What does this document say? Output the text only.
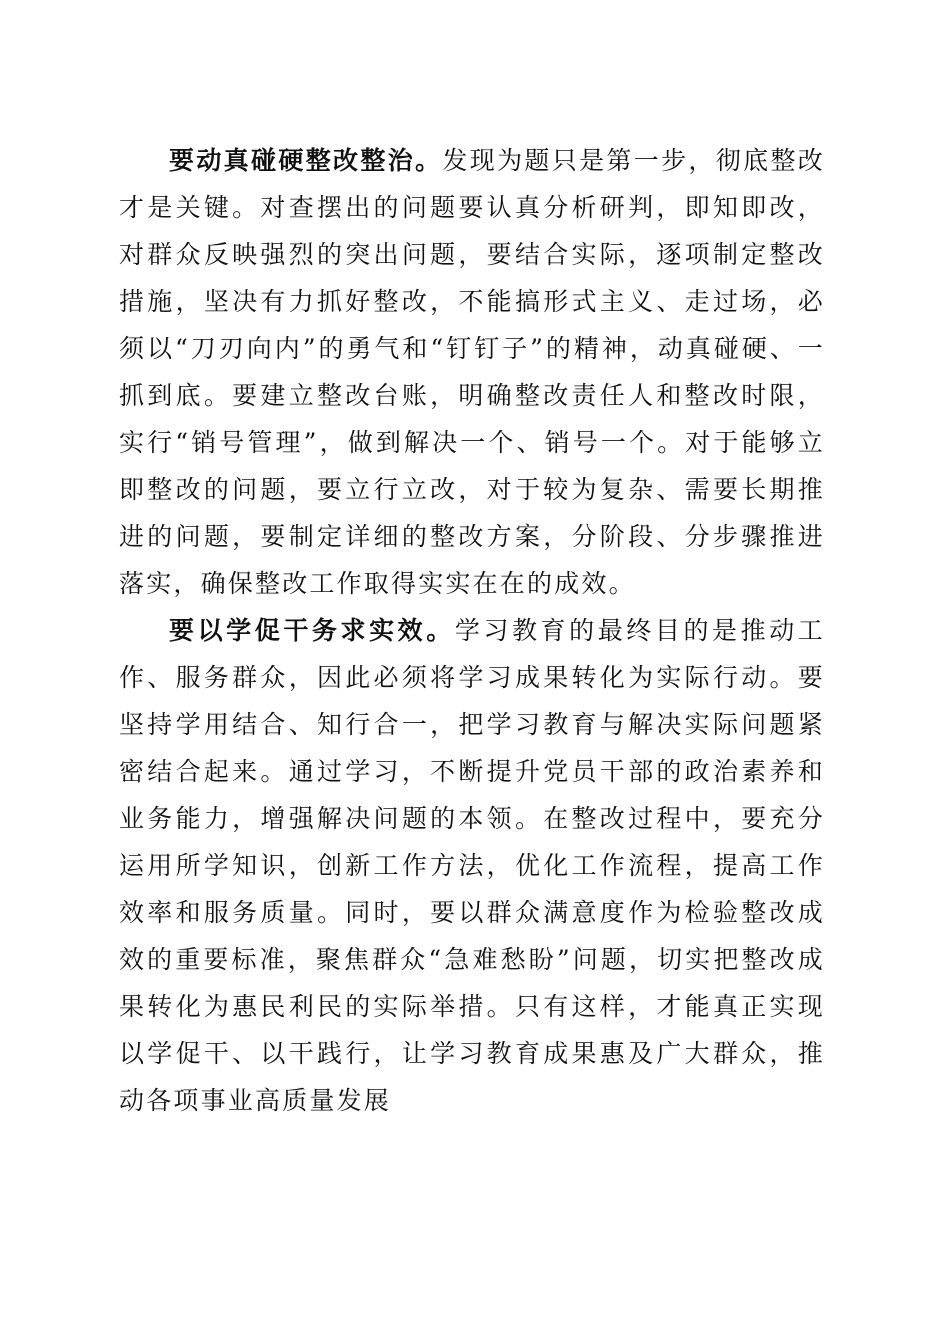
要动真碰硬整改整治。发现为题只是第一步，彻底整改才是关键。对查摆出的问题要认真分析研判，即知即改，对群众反映强烈的突出问题，要结合实际，逐项制定整改措施，坚决有力抓好整改，不能搞形式主义、走过场，必须以“刀刃向内”的勇气和“钉钉子”的精神，动真碰硬、一抓到底。要建立整改台账，明确整改责任人和整改时限，实行“销号管理”，做到解决一个、销号一个。对于能够立即整改的问题，要立行立改，对于较为复杂、需要长期推进的问题，要制定详细的整改方案，分阶段、分步骤推进落实，确保整改工作取得实实在在的成效。

要以学促干务求实效。学习教育的最终目的是推动工作、服务群众，因此必须将学习成果转化为实际行动。要坚持学用结合、知行合一，把学习教育与解决实际问题紧密结合起来。通过学习，不断提升党员干部的政治素养和业务能力，增强解决问题的本领。在整改过程中，要充分运用所学知识，创新工作方法，优化工作流程，提高工作效率和服务质量。同时，要以群众满意度作为检验整改成效的重要标准，聚焦群众“急难愁盼”问题，切实把整改成果转化为惠民利民的实际举措。只有这样，才能真正实现以学促干、以干践行，让学习教育成果惠及广大群众，推动各项事业高质量发展
